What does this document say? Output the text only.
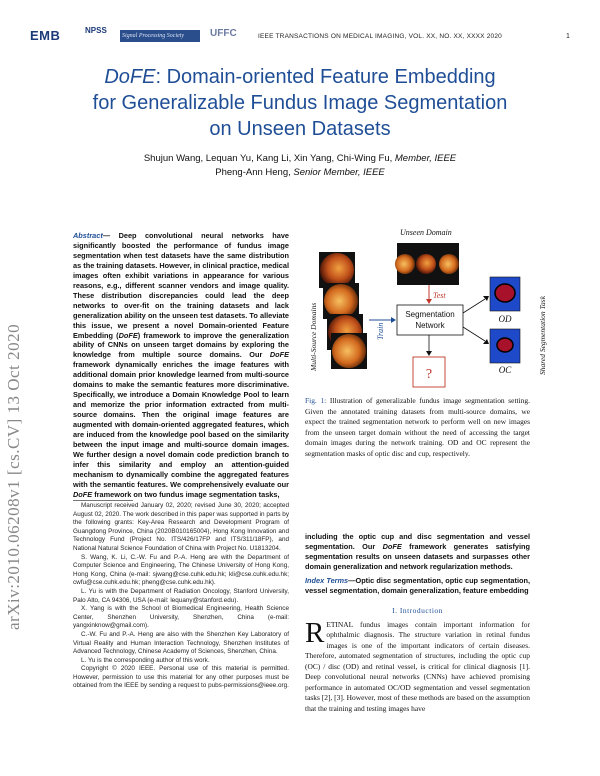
EMB	NPSS
Signal Processing Society	UFFC	IEEE TRANSACTIONS ON MEDICAL IMAGING, VOL. XX, NO. XX, XXXX 2020	1
arXiv:2010.06208v1 [cs.CV] 13 Oct 2020
DoFE: Domain-oriented Feature Embedding
for Generalizable Fundus Image Segmentation
on Unseen Datasets
Shujun Wang, Lequan Yu, Kang Li, Xin Yang, Chi-Wing Fu, Member, IEEE
Pheng-Ann Heng, Senior Member, IEEE
Abstract— Deep convolutional neural networks have significantly boosted the performance of fundus image segmentation when test datasets have the same distribution as the training datasets. However, in clinical practice, medical images often exhibit variations in appearance for various reasons, e.g., different scanner vendors and image quality. These distribution discrepancies could lead the deep networks to over-fit on the training datasets and lack generalization ability on the unseen test datasets. To alleviate this issue, we present a novel Domain-oriented Feature Embedding (DoFE) framework to improve the generalization ability of CNNs on unseen target domains by exploring the knowledge from multiple source domains. Our DoFE framework dynamically enriches the image features with additional domain prior knowledge learned from multi-source domains to make the semantic features more discriminative. Specifically, we introduce a Domain Knowledge Pool to learn and memorize the prior information extracted from multi-source domains. Then the original image features are augmented with domain-oriented aggregated features, which are induced from the knowledge pool based on the similarity between the input image and multi-source domain images. We further design a novel domain code prediction branch to infer this similarity and employ an attention-guided mechanism to dynamically combine the aggregated features with the semantic features. We comprehensively evaluate our DoFE framework on two fundus image segmentation tasks,

Manuscript received January 02, 2020; revised June 30, 2020; accepted August 02, 2020. The work described in this paper was supported in parts by the following grants: Key-Area Research and Development Program of Guangdong Province, China (2020B010165004), Hong Kong Innovation and Technology Fund (Project No. ITS/426/17FP and ITS/311/18FP), and National Natural Science Foundation of China with Project No. U1813204.

S. Wang, K. Li, C.-W. Fu and P.-A. Heng are with the Department of Computer Science and Engineering, The Chinese University of Hong Kong, Hong Kong, China (e-mail: sjwang@cse.cuhk.edu.hk; kli@cse.cuhk.edu.hk; cwfu@cse.cuhk.edu.hk; pheng@cse.cuhk.edu.hk).

L. Yu is with the Department of Radiation Oncology, Stanford University, Palo Alto, CA 94306, USA (e-mail: lequany@stanford.edu).

X. Yang is with the School of Biomedical Engineering, Health Science Center, Shenzhen University, Shenzhen, China (e-mail: yangxinknow@gmail.com).

C.-W. Fu and P.-A. Heng are also with the Shenzhen Key Laboratory of Virtual Reality and Human Interaction Technology, Shenzhen Institutes of Advanced Technology, Chinese Academy of Sciences, Shenzhen, China.

L. Yu is the corresponding author of this work.

Copyright © 2020 IEEE. Personal use of this material is permitted. However, permission to use this material for any other purposes must be obtained from the IEEE by sending a request to pubs-permissions@ieee.org.

Multi-Source Domains
Unseen Domain
Test
Train
Segmentation
Network
OD
OC	Shared Segmentation Task
?
Fig. 1: Illustration of generalizable fundus image segmentation setting. Given the annotated training datasets from multi-source domains, we expect the trained segmentation network to perform well on new images from the unseen target domain without the need of accessing the target domain images during the network training. OD and OC represent the segmentation masks of optic disc and cup, respectively.
including the optic cup and disc segmentation and vessel segmentation. Our DoFE framework generates satisfying segmentation results on unseen datasets and surpasses other domain generalization and network regularization methods.
Index Terms—Optic disc segmentation, optic cup segmentation, vessel segmentation, domain generalization, feature embedding
I. Introduction
RETINAL fundus images contain important information for ophthalmic diagnosis. The structure variation in retinal fundus images is one of the important indicators of certain diseases. Therefore, automated segmentation of structures, including the optic cup (OC) / disc (OD) and retinal vessel, is critical for clinical diagnosis [1]. Deep convolutional neural networks (CNNs) have achieved promising performance in automated OC/OD segmentation and vessel segmentation tasks [2], [3]. However, most of these methods are based on the assumption that the training and testing images have
